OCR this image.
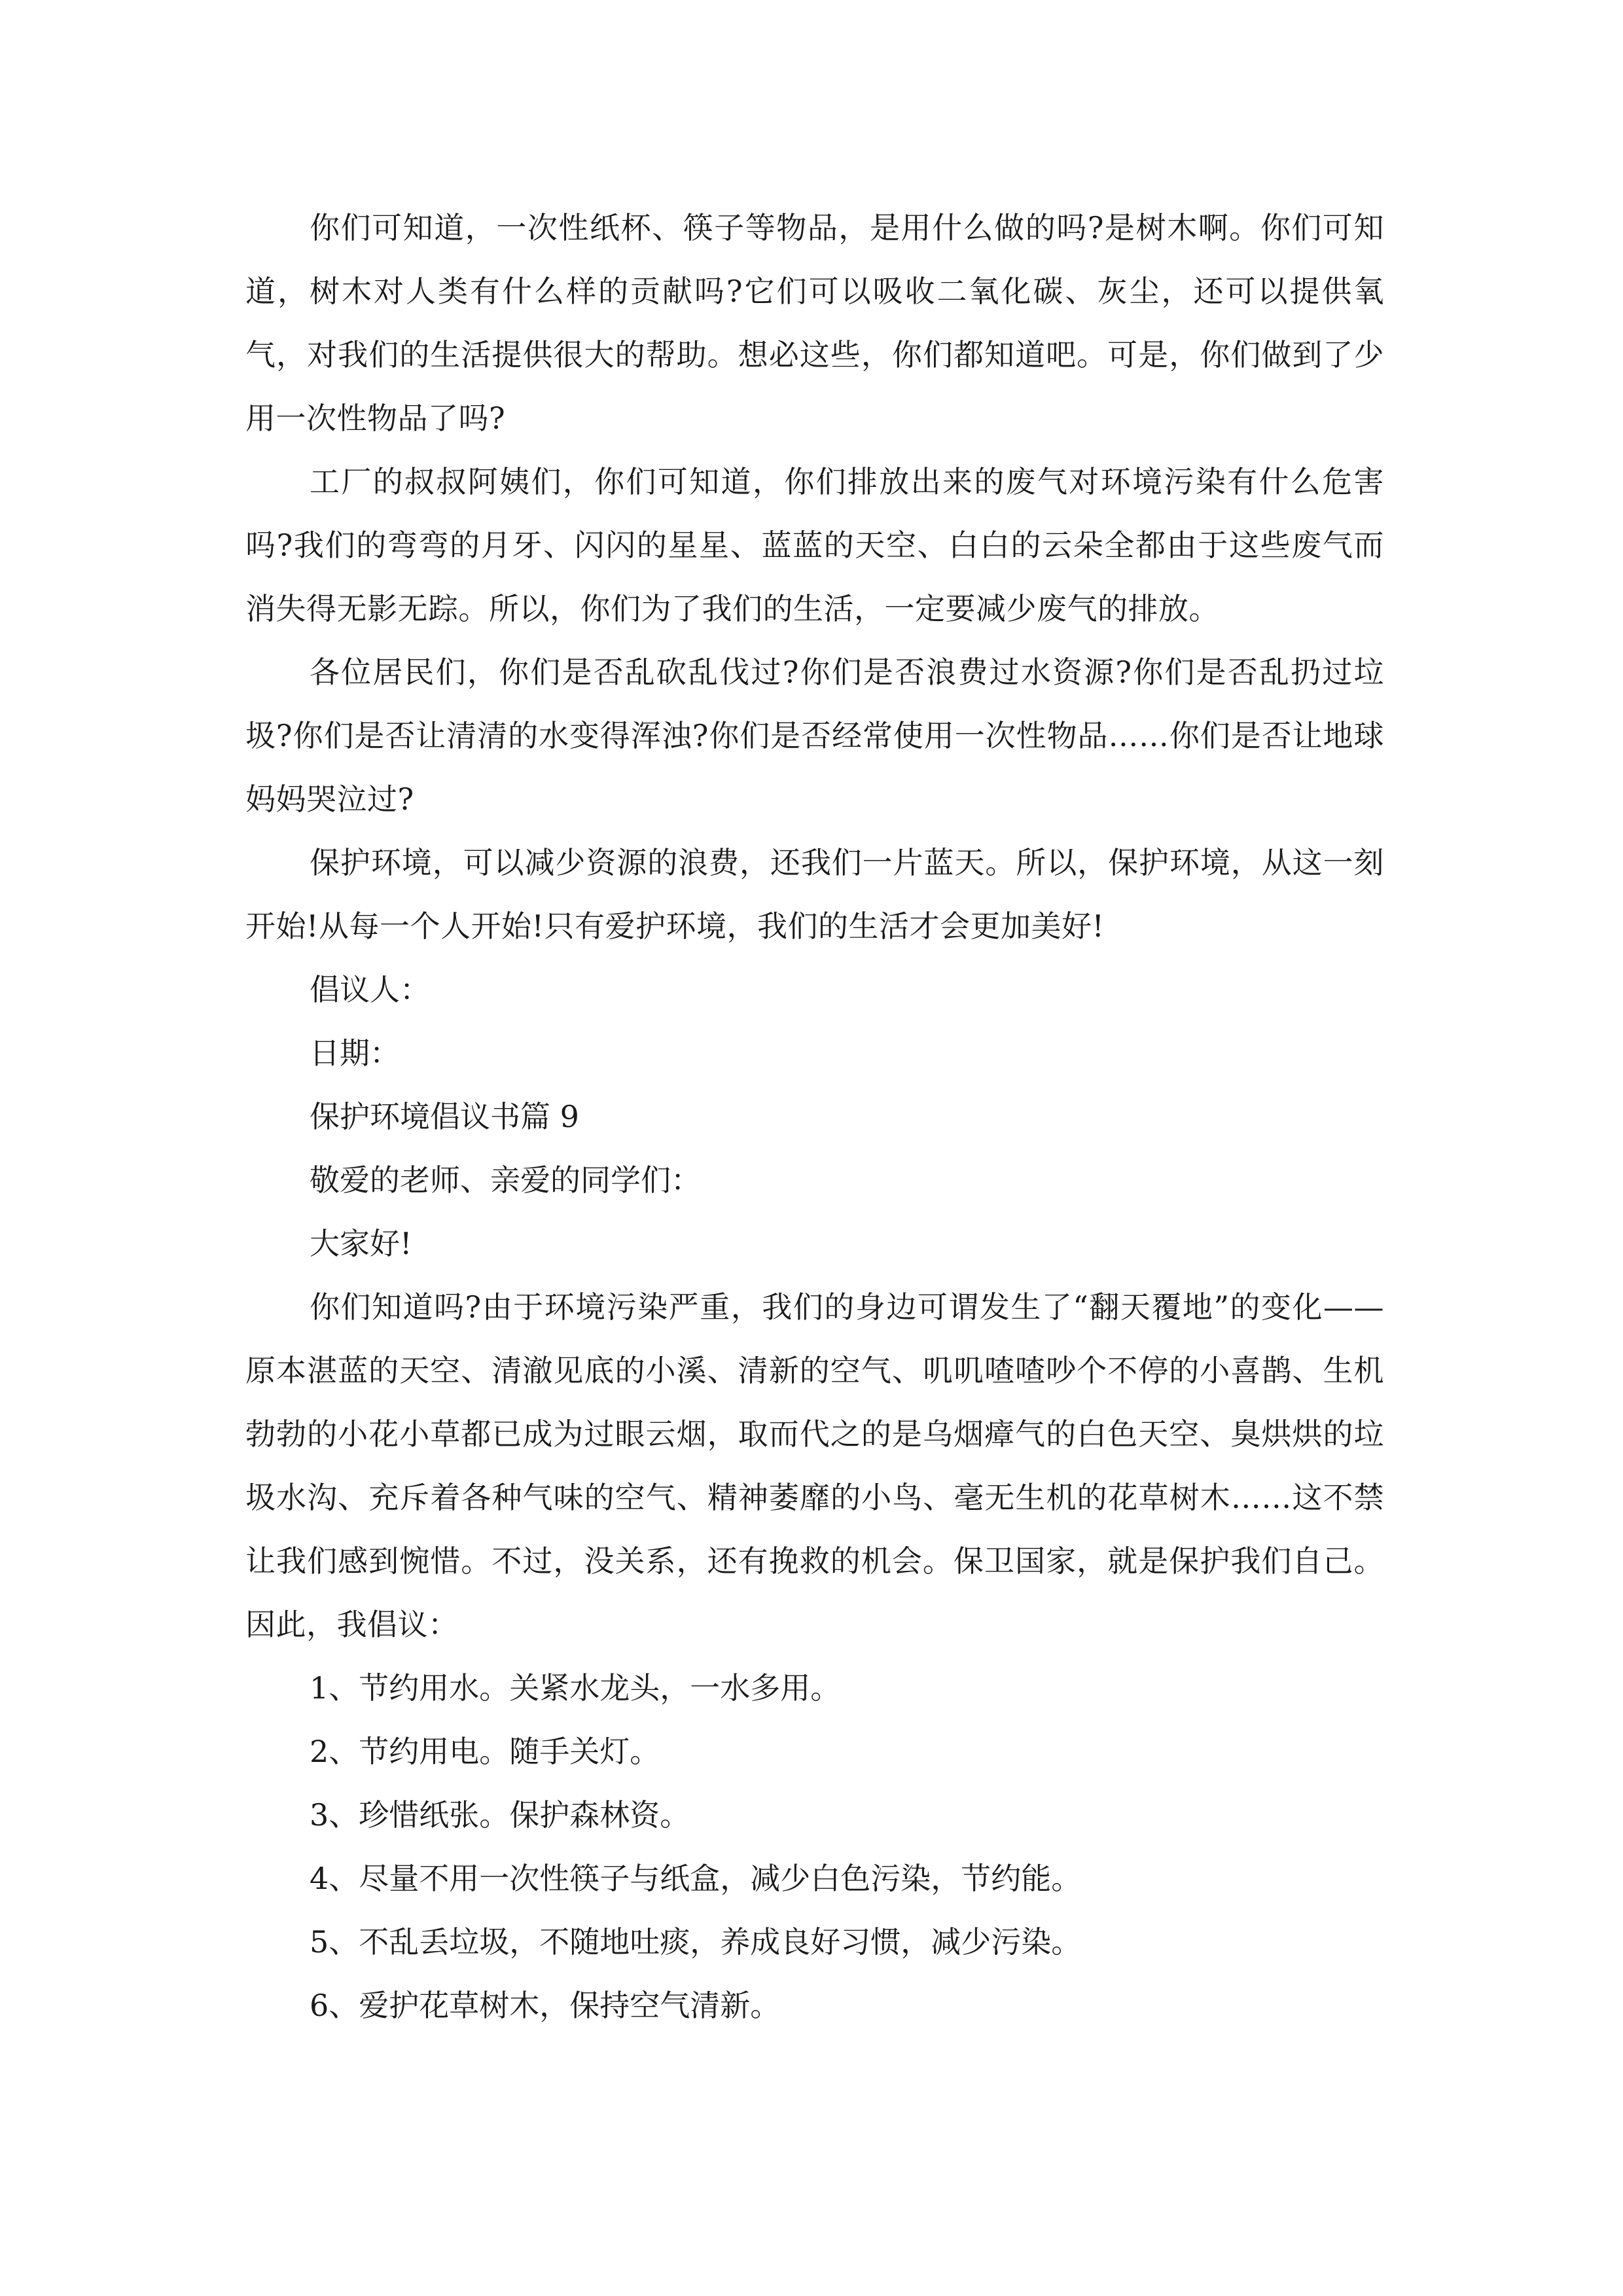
你们可知道，一次性纸杯、筷子等物品，是用什么做的吗?是树木啊。你们可知道，树木对人类有什么样的贡献吗?它们可以吸收二氧化碳、灰尘，还可以提供氧气，对我们的生活提供很大的帮助。想必这些，你们都知道吧。可是，你们做到了少用一次性物品了吗?

工厂的叔叔阿姨们，你们可知道，你们排放出来的废气对环境污染有什么危害吗?我们的弯弯的月牙、闪闪的星星、蓝蓝的天空、白白的云朵全都由于这些废气而消失得无影无踪。所以，你们为了我们的生活，一定要减少废气的排放。

各位居民们，你们是否乱砍乱伐过?你们是否浪费过水资源?你们是否乱扔过垃圾?你们是否让清清的水变得浑浊?你们是否经常使用一次性物品……你们是否让地球妈妈哭泣过?

保护环境，可以减少资源的浪费，还我们一片蓝天。所以，保护环境，从这一刻开始!从每一个人开始!只有爱护环境，我们的生活才会更加美好!

倡议人：

日期：

保护环境倡议书篇 9

敬爱的老师、亲爱的同学们：

大家好!

你们知道吗?由于环境污染严重，我们的身边可谓发生了“翻天覆地”的变化——原本湛蓝的天空、清澈见底的小溪、清新的空气、叽叽喳喳吵个不停的小喜鹊、生机勃勃的小花小草都已成为过眼云烟，取而代之的是乌烟瘴气的白色天空、臭烘烘的垃圾水沟、充斥着各种气味的空气、精神萎靡的小鸟、毫无生机的花草树木……这不禁让我们感到惋惜。不过，没关系，还有挽救的机会。保卫国家，就是保护我们自己。因此，我倡议：

1、节约用水。关紧水龙头，一水多用。

2、节约用电。随手关灯。

3、珍惜纸张。保护森林资。

4、尽量不用一次性筷子与纸盒，减少白色污染，节约能。

5、不乱丢垃圾，不随地吐痰，养成良好习惯，减少污染。

6、爱护花草树木，保持空气清新。
